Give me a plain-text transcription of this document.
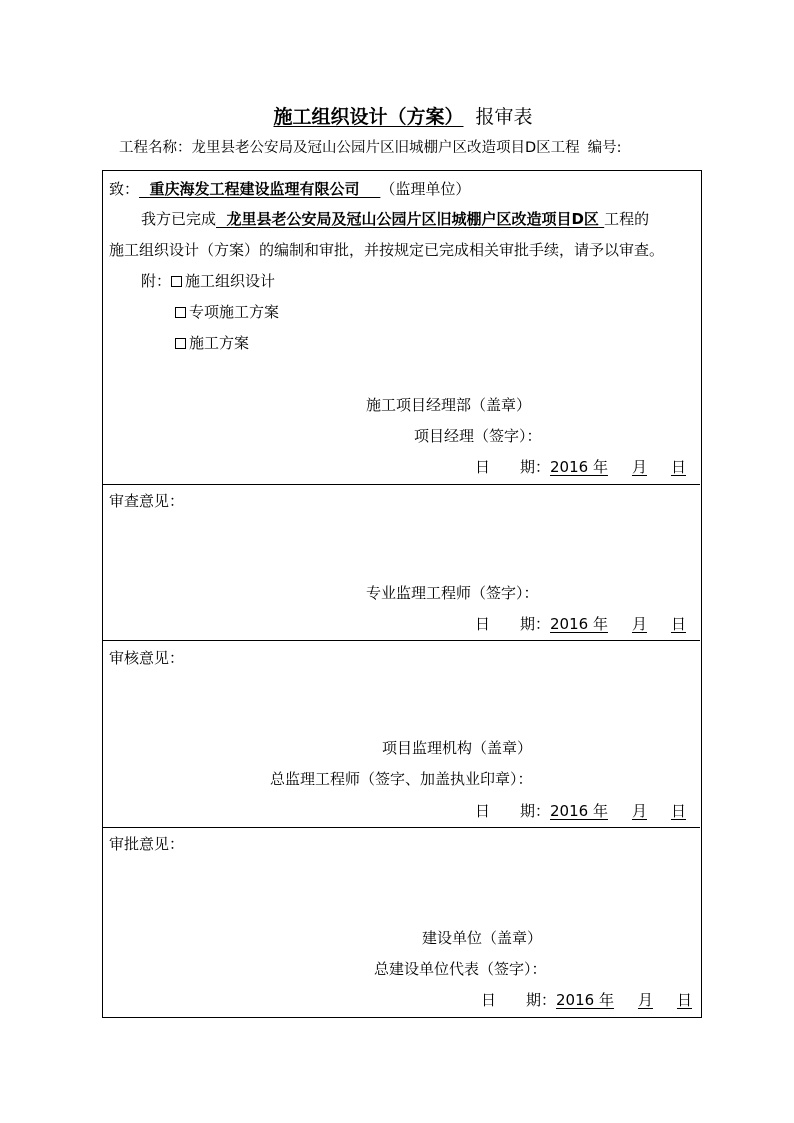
施工组织设计（方案） 报审表
工程名称：龙里县老公安局及冠山公园片区旧城棚户区改造项目D区工程 编号:
致： 重庆海发工程建设监理有限公司 （监理单位）
我方已完成 龙里县老公安局及冠山公园片区旧城棚户区改造项目D区 工程的
施工组织设计（方案）的编制和审批，并按规定已完成相关审批手续，请予以审查。
附： 施工组织设计
专项施工方案
施工方案
施工项目经理部（盖章）
项目经理（签字）：
日　　期：2016 年 月 日
审查意见：
专业监理工程师（签字）：
日　　期：2016 年 月 日
审核意见：
项目监理机构（盖章）
总监理工程师（签字、加盖执业印章）：
日　　期：2016 年 月 日
审批意见：
建设单位（盖章）
总建设单位代表（签字）：
日　　期：2016 年 月 日
